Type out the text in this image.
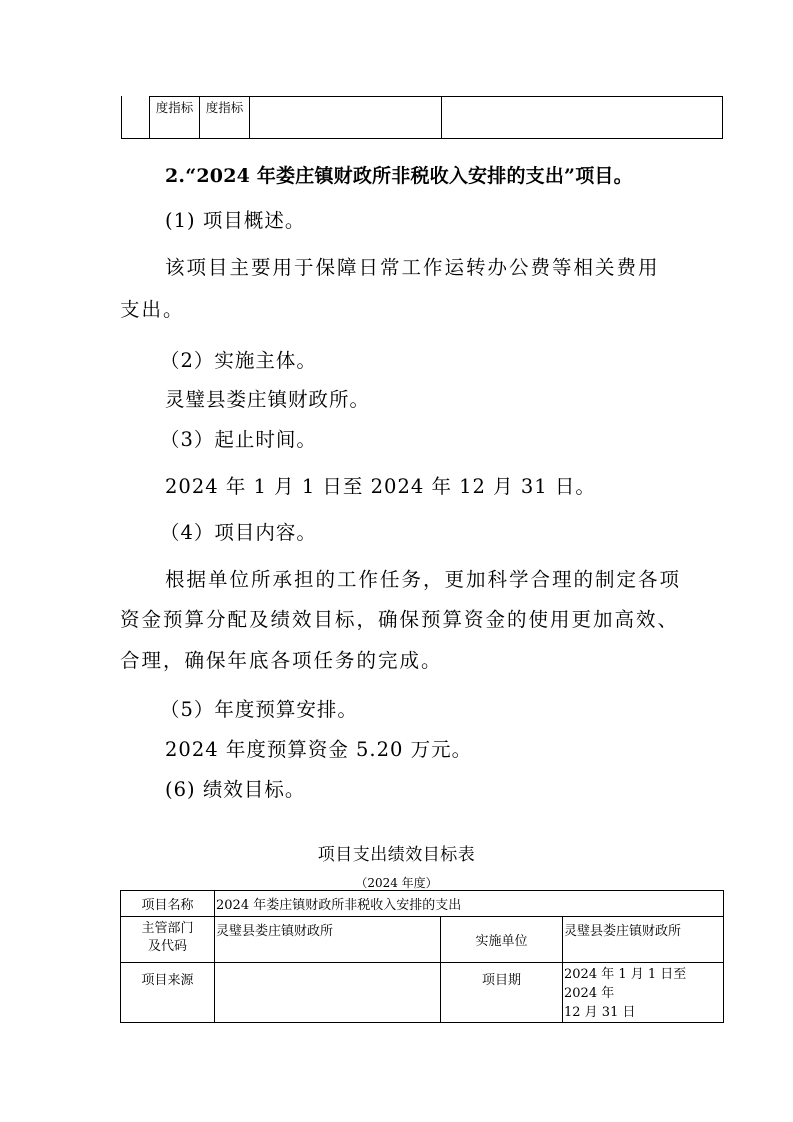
度指标 度指标
2.“2024 年娄庄镇财政所非税收入安排的支出”项目。
(1) 项目概述。
该项目主要用于保障日常工作运转办公费等相关费用
支出。
（2）实施主体。
灵璧县娄庄镇财政所。
（3）起止时间。
2024 年 1 月 1 日至 2024 年 12 月 31 日。
（4）项目内容。
根据单位所承担的工作任务，更加科学合理的制定各项
资金预算分配及绩效目标，确保预算资金的使用更加高效、
合理，确保年底各项任务的完成。
（5）年度预算安排。
2024 年度预算资金 5.20 万元。
(6) 绩效目标。
项目支出绩效目标表
（2024 年度）
项目名称	2024 年娄庄镇财政所非税收入安排的支出		

主管部门
及代码	灵璧县娄庄镇财政所	实施单位	灵璧县娄庄镇财政所
项目来源		项目期	2024 年 1 月 1 日至 2024 年
12 月 31 日
